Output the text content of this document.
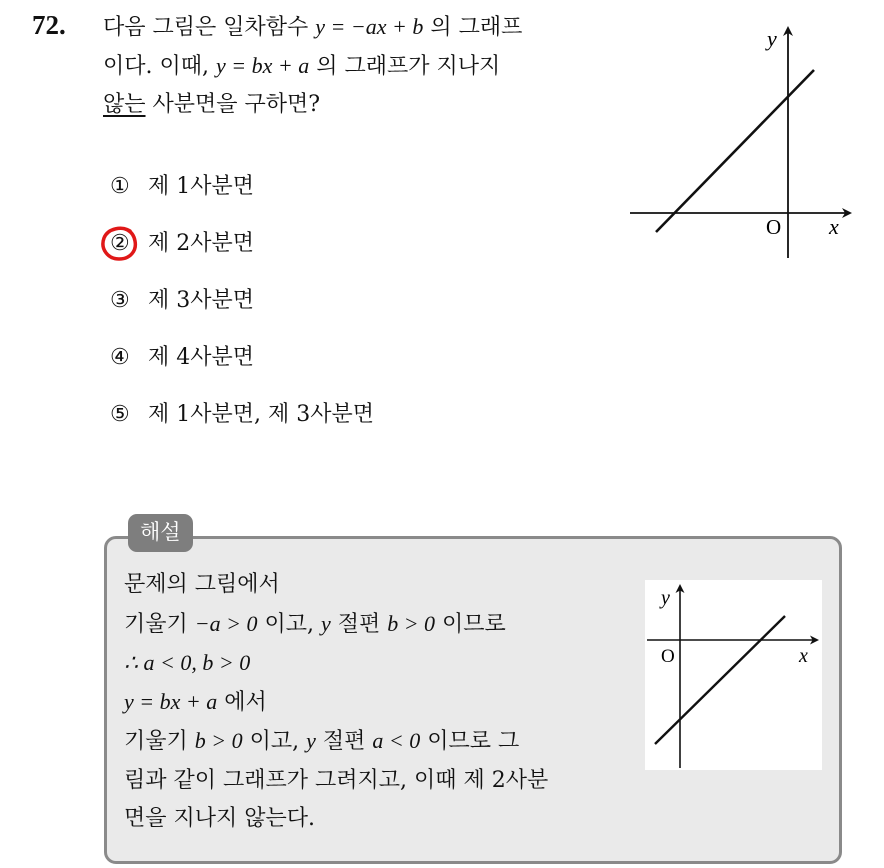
72. 다음 그림은 일차함수 y = −ax + b 의 그래프
이다. 이때, y = bx + a 의 그래프가 지나지
않는 사분면을 구하면?
① 제 1사분면
② 제 2사분면
③ 제 3사분면
④ 제 4사분면
⑤ 제 1사분면, 제 3사분면
y
x
O
해설
문제의 그림에서
기울기 −a > 0 이고, y 절편 b > 0 이므로
∴ a < 0, b > 0
y = bx + a 에서
기울기 b > 0 이고, y 절편 a < 0 이므로 그
림과 같이 그래프가 그려지고, 이때 제 2사분
면을 지나지 않는다.
y
x
O
